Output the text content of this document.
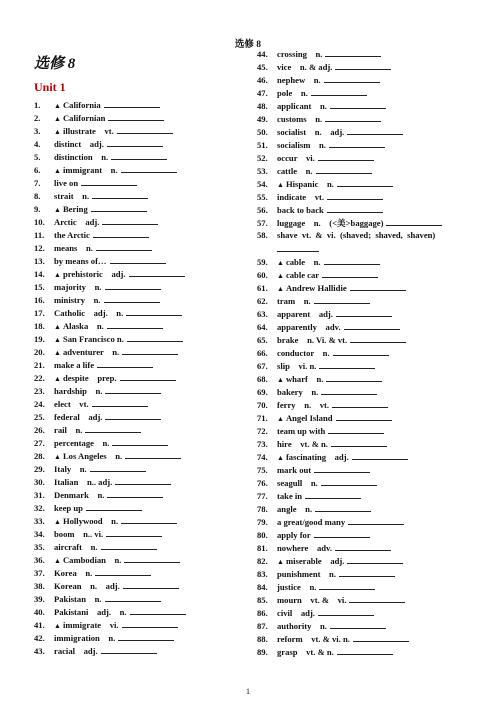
选修 8
选修 8
Unit 1
1.	▲ California
2.	▲ Californian
3.	▲ illustrate    vt.
4.	distinct    adj.
5.	distinction    n.
6.	▲ immigrant    n.
7.	live on
8.	strait    n.
9.	▲ Bering
10.	Arctic    adj.
11.	the Arctic
12.	means    n.
13.	by means of…
14.	▲ prehistoric    adj.
15.	majority    n.
16.	ministry    n.
17.	Catholic    adj.    n.
18.	▲ Alaska    n.
19.	▲ San Francisco n.
20.	▲ adventurer    n.
21.	make a life
22.	▲ despite    prep.
23.	hardship    n.
24.	elect    vt.
25.	federal    adj.
26.	rail    n.
27.	percentage    n.
28.	▲ Los Angeles    n.
29.	Italy    n.
30.	Italian    n.. adj.
31.	Denmark    n.
32.	keep up
33.	▲ Hollywood    n.
34.	boom    n.. vi.
35.	aircraft    n.
36.	▲ Cambodian    n.
37.	Korea    n.
38.	Korean    n.    adj.
39.	Pakistan    n.
40.	Pakistani    adj.    n.
41.	▲ immigrate    vi.
42.	immigration    n.
43.	racial    adj.
44.	crossing    n.
45.	vice    n. & adj.
46.	nephew    n.
47.	pole    n.
48.	applicant    n.
49.	customs    n.
50.	socialist    n.    adj.
51.	socialism    n.
52.	occur    vi.
53.	cattle    n.
54.	▲ Hispanic    n.
55.	indicate    vt.
56.	back to back
57.	luggage    n.    (<美>baggage)
58.	shave  vt.  &  vi.  (shaved;  shaved,  shaven)
59.	▲ cable    n.
60.	▲ cable car
61.	▲ Andrew Hallidie
62.	tram    n.
63.	apparent    adj.
64.	apparently    adv.
65.	brake    n. Vi. & vt.
66.	conductor    n.
67.	slip    vi. n.
68.	▲ wharf    n.
69.	bakery    n.
70.	ferry    n.    vt.
71.	▲ Angel Island
72.	team up with
73.	hire    vt. & n.
74.	▲ fascinating    adj.
75.	mark out
76.	seagull    n.
77.	take in
78.	angle    n.
79.	a great/good many
80.	apply for
81.	nowhere    adv.
82.	▲ miserable    adj.
83.	punishment    n.
84.	justice    n.
85.	mourn    vt. &    vi.
86.	civil    adj.
87.	authority    n.
88.	reform    vt. & vi. n.
89.	grasp    vt. & n.
1
